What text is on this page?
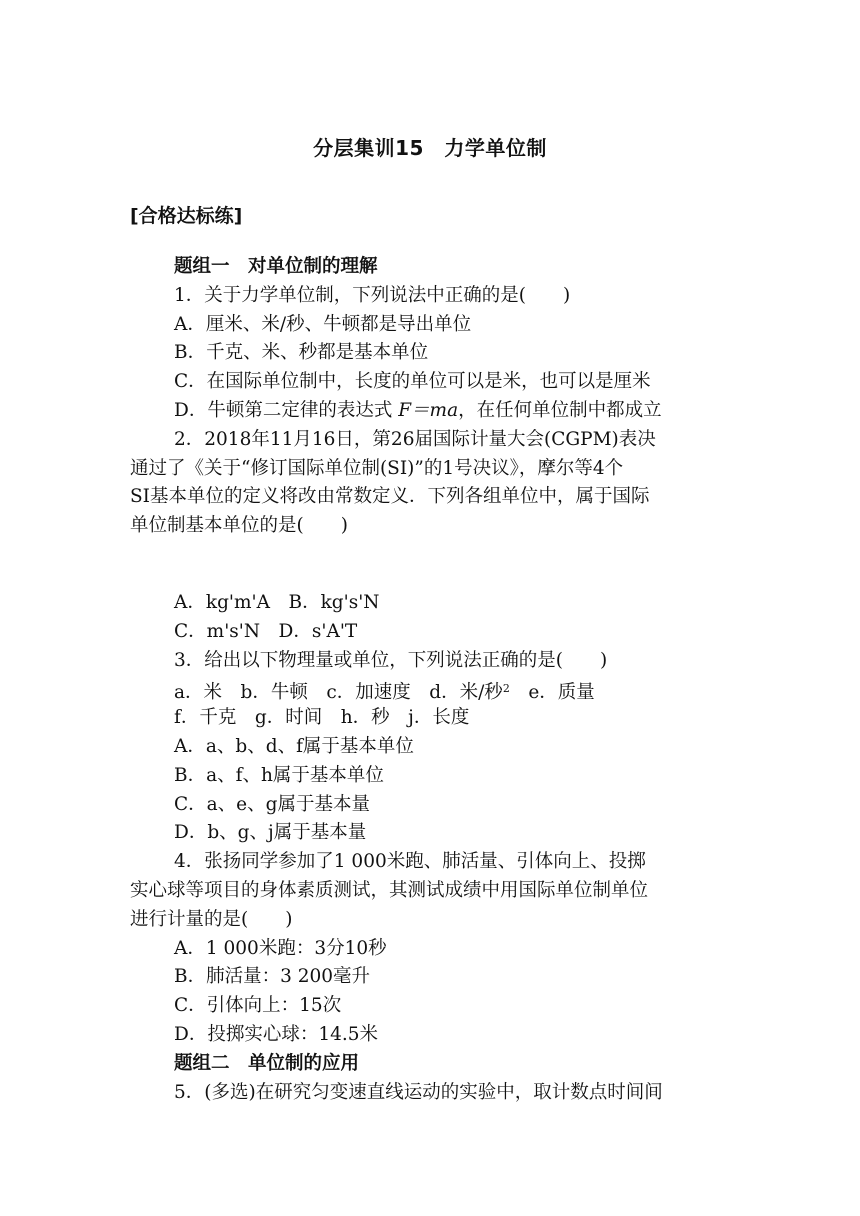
分层集训15　力学单位制
[合格达标练]
题组一　对单位制的理解
1．关于力学单位制，下列说法中正确的是(　　)
A．厘米、米/秒、牛顿都是导出单位
B．千克、米、秒都是基本单位
C．在国际单位制中，长度的单位可以是米，也可以是厘米
D．牛顿第二定律的表达式 F＝ma，在任何单位制中都成立
2．2018年11月16日，第26届国际计量大会(CGPM)表决
通过了《关于“修订国际单位制(SI)”的1号决议》，摩尔等4个
SI基本单位的定义将改由常数定义．下列各组单位中，属于国际
单位制基本单位的是(　　)
A．kg'm'A　B．kg's'N
C．m's'N　D．s'A'T
3．给出以下物理量或单位，下列说法正确的是(　　)
a．米　b．牛顿　c．加速度　d．米/秒$^2$　e．质量
f．千克　g．时间　h．秒　j．长度
A．a、b、d、f属于基本单位
B．a、f、h属于基本单位
C．a、e、g属于基本量
D．b、g、j属于基本量
4．张扬同学参加了1 000米跑、肺活量、引体向上、投掷
实心球等项目的身体素质测试，其测试成绩中用国际单位制单位
进行计量的是(　　)
A．1 000米跑：3分10秒
B．肺活量：3 200毫升
C．引体向上：15次
D．投掷实心球：14.5米
题组二　单位制的应用
5．(多选)在研究匀变速直线运动的实验中，取计数点时间间
